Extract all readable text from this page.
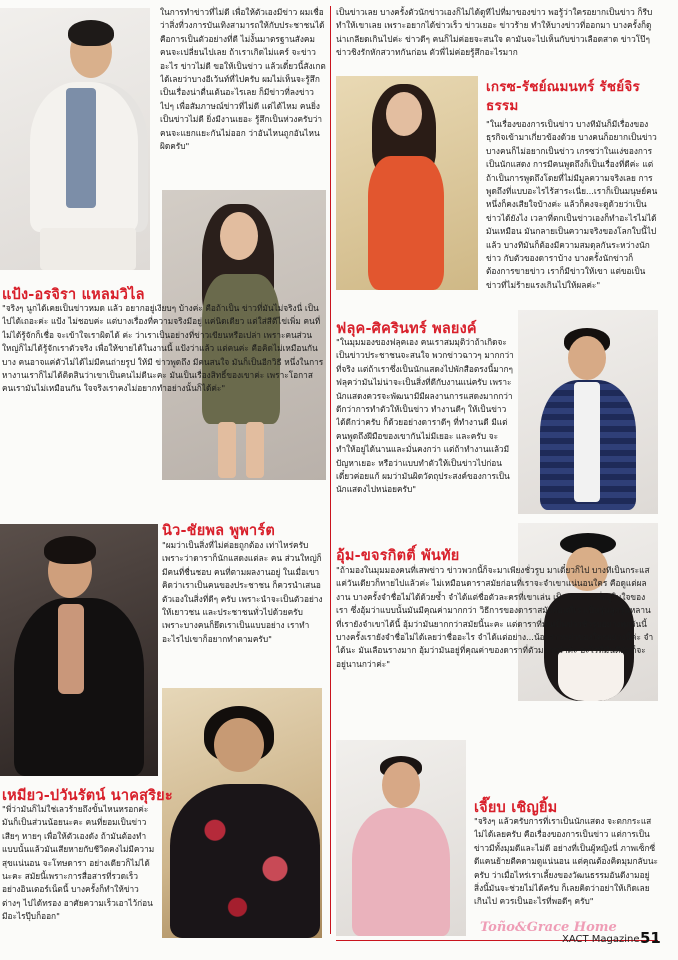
ในการทำข่าวที่ไม่ดี เพื่อให้ตัวเองมีข่าว ผมเชื่อว่าสิ่งที่วงการบันเทิงสามารถให้กับประชาชนได้ คือการเป็นตัวอย่างที่ดี ไม่งั้นมาตรฐานสังคมคนจะเปลี่ยนไปเลย ถ้าเราเกิดไม่แคร์ จะข่าวอะไร ข่าวไม่ดี ขอให้เป็นข่าว แล้วเดี๋ยวนี้สังเกตได้เลยว่าบางอีเว้นท์ที่ไปครับ ผมไม่เห็นจะรู้สึกเป็นเรื่องน่าตื่นเต้นอะไรเลย ก็มีข่าวที่ลงข่าวไปๆ เพื่อสัมภาษณ์ข่าวที่ไม่ดี แต่ได้ไหม คนยิ่งเป็นข่าวไม่ดี ยิ่งมีงานเยอะ รู้สึกเป็นห่วงครับว่าคนจะแยกแยะกันไม่ออก ว่าอันไหนถูกอันไหนผิดครับ"
เป็นข่าวเลย บางครั้งตัวนักข่าวเองก็ไม่ได้ดูทีไปที่มาของข่าว พอรู้ว่าใครอยากเป็นข่าว ก็รีบทำให้เขาเลย เพราะอยากได้ข่าวเร็ว ข่าวเยอะ ข่าวร้าย ทำให้บางข่าวที่ออกมา บางครั้งก็ดูน่าเกลียดเกินไปค่ะ ข่าวดีๆ คนก็ไม่ค่อยจะสนใจ ตามันจะไปเห็นกับข่าวเลือดสาด ข่าวโป๊ๆ ข่าวชิงรักหักสวาทกันก่อน ตัวพี่ไม่ค่อยรู้สึกอะไรมาก
แป้ง-อรจิรา แหลมวิไล
"จริงๆ นูกได้เคยเป็นข่าวหมด แล้ว อยากอยู่เงียบๆ บ้างค่ะ คือถ้าเป็น ข่าวที่มันไม่จริงนี่ เป็นไปได้เถอะค่ะ แป้ง ไม่ชอบค่ะ แต่บางเรื่องที่ความจริงมีอยู่ แค่นิดเดียว แต่ใส่สีตีไข่เพิ่ม คนที่ ไม่ได้รู้จักก็เชื่อ จะเข้าใจเราผิดได้ ค่ะ ว่าเราเป็นอย่างที่ข่าวเขียนหรือเปล่า เพราะคนส่วนใหญ่ก็ไม่ได้รู้จักเราตัวจริง เพื่อให้ขายได้ในงานนี้ แป้งว่าแล้ว แต่คนค่ะ คือคิดไม่เหมือนกัน บาง คนอาจแค่ตัวไม่ได้ไม่มีคนถ่ายรูป ให้มี ข่าวพูดถึง มีคนสนใจ มันก็เป็นอีกวิธี หนึ่งในการหางานเราก็ไม่ได้ติดสินว่าเขาเป็นคนไม่ดีนะคะ มันเป็นเรื่องสิทธิ์ของเขาค่ะ เพราะโอกาสคนเรามันไม่เหมือนกัน ใจจริงเราคงไม่อยากทำอย่างนั้นก็ได้ค่ะ"
นิว-ชัยพล พูพาร์ต
"ผมว่าเป็นสิ่งที่ไม่ค่อยถูกต้อง เท่าไหร่ครับ เพราะว่าดาราก็นักแสดงแต่ละ คน ส่วนใหญ่ก็มีคนที่ชื่นชอบ คนที่ตามผลงานอยู่ ในเมื่อเขาคิดว่าเราเป็นคนของประชาชน ก็ควรนำเสนอตัวเองในสิ่งที่ดีๆ ครับ เพราะนำจะเป็นตัวอย่างให้เยาวชน และประชาชนทั่วไปด้วยครับ เพราะบางคนก็ยึดเราเป็นแบบอย่าง เราทำอะไรไปเขาก็อยากทำตามครับ"
เหมียว-ปวันรัตน์ นาคสุริยะ
"พี่ว่ามันก็ไม่ใช่เลวร้ายถึงขั้นไหนหรอกค่ะ มันก็เป็นส่วนน้อยนะคะ คนที่ยอมเป็นข่าวเสียๆ หายๆ เพื่อให้ตัวเองดัง ถ้ามันต้องทำแบบนั้นแล้วมันเสียหายกับชีวิตคงไม่มีความสุขแน่นอน จะโทษดารา อย่างเดียวก็ไม่ได้นะคะ สมัยนี้เพราะการสื่อสารที่รวดเร็ว อย่างอินเตอร์เน็ตนี้ บางครั้งก็ทำให้ข่าวต่างๆ ไปได้ทรอง อาศัยความเร็วเอาไว้ก่อน มีอะไรปุ๊บก็ออก"
เกรซ-รัชย์ณมนทร์ รัชย์จิรธรรม
"ในเรื่องของการเป็นข่าว บางทีมันก็มีเรื่องของธุรกิจเข้ามาเกี่ยวข้องด้วย บางคนก็อยากเป็นข่าว บางคนก็ไม่อยากเป็นข่าว เกรซว่าในแง่ของการเป็นนักแสดง การมีคนพูดถึงก็เป็นเรื่องที่ดีค่ะ แต่ถ้าเป็นการพูดถึงโดยที่ไม่มีมูลความจริงเลย การพูดถึงที่แบบอะไรไร้สาระเนี่ย...เราก็เป็นมนุษย์คนหนึ่งก็คงเสียใจบ้างค่ะ แล้วก็คงจะดูด้วยว่าเป็นข่าวได้ยังไง เวลาที่ตกเป็นข่าวเองก็ทำอะไรไม่ได้ มันเหมือน มันกลายเป็นความจริงของโลกใบนี้ไปแล้ว บางทีมันก็ต้องมีความสมดุลกันระหว่างนักข่าว กับตัวของดาราบ้าง บางครั้งนักข่าวก็ต้องการขายข่าว เราก็มีข่าวให้เขา แต่ขอเป็นข่าวที่ไม่ร้ายแรงเกินไปให้ผลค่ะ"
ฟลุค-ศิครินทร์ พลยงค์
"ในมุมมองของฟลุคเอง คนเราสมมุติว่าถ้าเกิดจะเป็นข่าวประชาชนจะสนใจ พวกข่าวฉาวๆ มากกว่าที่จริง แต่ถ้าเราซึ่งเป็นนักแสดงไปพักสือตรงนี้มากๆ ฟลุคว่ามันไม่น่าจะเป็นสิ่งที่ดีกับงานแน่ครับ เพราะนักแสดงควรจะพัฒนามีมีผลงานการแสดงมากกว่า ดีกว่าการทำตัวให้เป็นข่าว ทำงานดีๆ ให้เป็นข่าวได้ดีกว่าครับ ก็ด้วยอย่างดาราดีๆ ที่ทำงานดี มีแต่คนพูดถึงฝีมือของเขากันไม่มีเยอะ และครับ จะทำให้อยู่ได้นานและมั่นคงกว่า แต่ถ้าทำงานแล้วมีปัญหาเยอะ หรือว่าแบบทำตัวให้เป็นข่าวไปก่อน เดี๋ยวค่อยแก้ ผมว่ามันผิดวัตถุประสงค์ของการเป็นนักแสดงไปหน่อยครับ"
อุ้ม-ขจรกิตติ์ พันทัย
"ถ้ามองในมุมมองคนที่เสพข่าว ข่าวพวกนี้ก็จะมาเพียงชั่วรูบ มาเดี๋ยวก็ไป บางทีเป็นกระแสแค่วันเดียวก็หายไปแล้วค่ะ ไม่เหมือนดาราสมัยก่อนที่เราจะจำเขาแน่นอนใคร คือดูแต่ผลงาน บางครั้งจำชื่อไม่ได้ด้วยซ้ำ จำได้แต่ชื่อตัวละครที่เขาเล่น เป็นตัวละครที่อยู่ในใจของเรา ซึ่งอุ้มว่าแบบนั้นมันมีคุณค่ามากกว่า วิธีการของดาราสมัยก่อนที่เราเป็นรุ่นลูกรุ่นหลานที่เรายังจำเขาได้นี้ อุ้มว่ามันยากกว่าสมัยนี้นะคะ แต่ดาราที่มันเป็นข่าวชั่วรูบอย่างทุกวันนี้ บางครั้งเรายังจำชื่อไม่ได้เลยว่าชื่ออะไร จำได้แต่อย่าง...น้องสาวหย่าของใครอย่างนี้ค่ะ จำได้นะ มันเลือนรางมาก อุ้มว่ามันอยู่ที่คุณค่าของดาราที่ตัวมากกว่าค่ะ อะไรที่มันดีมันก็จะอยู่นานกว่าค่ะ"
เจี๊ยบ เชิญยิ้ม
"จริงๆ แล้วครับการที่เราเป็นนักแสดง จะตกกระแสไม่ได้เลยครับ คือเรื่องของการเป็นข่าว แต่การเป็นข่าวมีทั้งมุมดีและไม่ดี อย่างที่เป็นผู้หญิงนี่ ภาพเซ็กซี่ดีแคนย้ายตีคดามดูแน่นอน แต่คุณต้องคิดมุมกลับนะครับ ว่าเมื่อไหร่เราเลี้ยงของวัฒนธรรมอันดีงามอยู่ สิ่งนี้มันจะช่วยไม่ได้ครับ ก็เลยคิดว่าอย่าให้เกิดเลยเกินไป ควรเป็นอะไรที่พอดีๆ ครับ"
XACT Magazine 51
Toño&Grace Home
